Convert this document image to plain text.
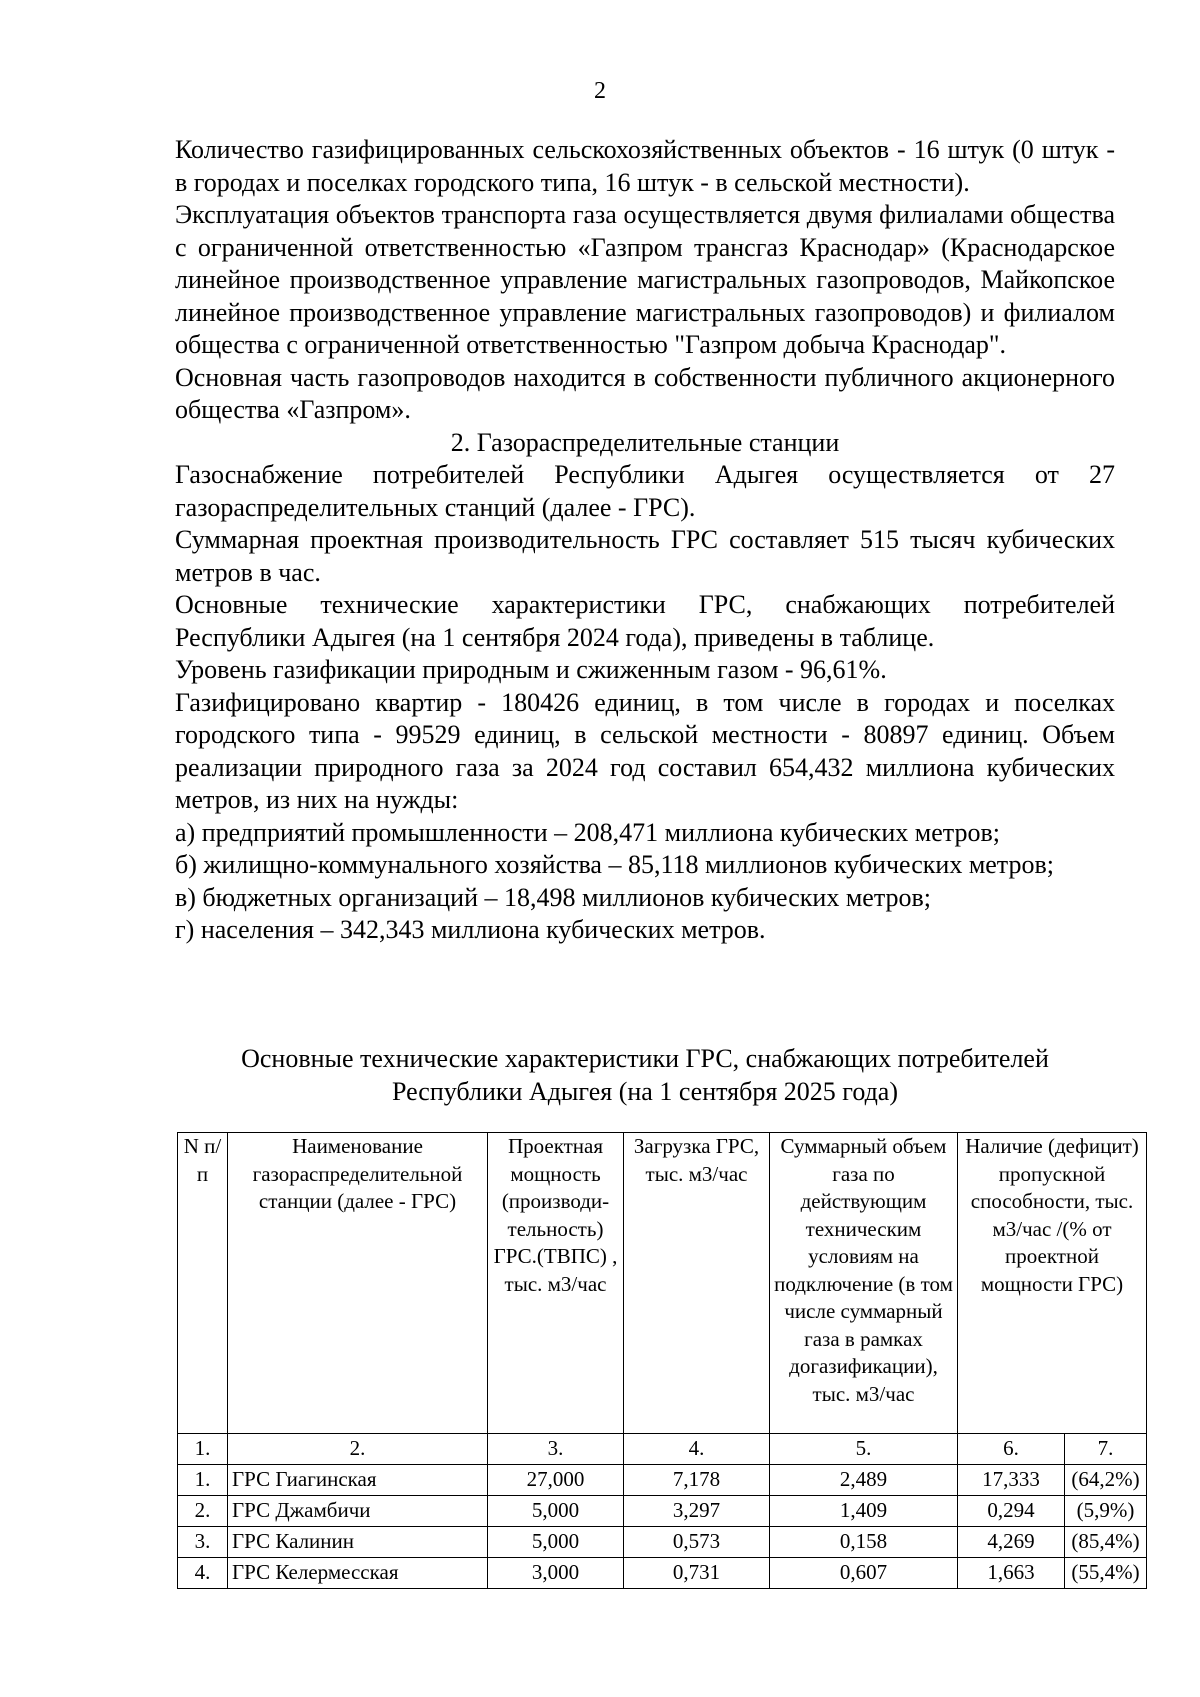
2

Количество газифицированных сельскохозяйственных объектов - 16 штук (0 штук - в городах и поселках городского типа, 16 штук - в сельской местности).

Эксплуатация объектов транспорта газа осуществляется двумя филиалами общества с ограниченной ответственностью «Газпром трансгаз Краснодар» (Краснодарское линейное производственное управление магистральных газопроводов, Майкопское линейное производственное управление магистральных газопроводов) и филиалом общества с ограниченной ответственностью "Газпром добыча Краснодар".

Основная часть газопроводов находится в собственности публичного акционерного общества «Газпром».

2. Газораспределительные станции

Газоснабжение потребителей Республики Адыгея осуществляется от 27 газораспределительных станций (далее - ГРС).

Суммарная проектная производительность ГРС составляет 515 тысяч кубических метров в час.

Основные технические характеристики ГРС, снабжающих потребителей Республики Адыгея (на 1 сентября 2024 года), приведены в таблице.

Уровень газификации природным и сжиженным газом - 96,61%.

Газифицировано квартир - 180426 единиц, в том числе в городах и поселках городского типа - 99529 единиц, в сельской местности - 80897 единиц. Объем реализации природного газа за 2024 год составил 654,432 миллиона кубических метров, из них на нужды:

а) предприятий промышленности – 208,471 миллиона кубических метров;

б) жилищно-коммунального хозяйства – 85,118 миллионов кубических метров;

в) бюджетных организаций – 18,498 миллионов кубических метров;

г) населения – 342,343 миллиона кубических метров.

Основные технические характеристики ГРС, снабжающих потребителей
Республики Адыгея (на 1 сентября 2025 года)
N п/п	Наименование газораспределительной станции (далее - ГРС)	Проектная мощность (производи-тельность) ГРС.(ТВПС) , тыс. м3/час	Загрузка ГРС, тыс. м3/час	Суммарный объем газа по действующим техническим условиям на подключение (в том числе суммарный газа в рамках догазификации), тыс. м3/час	Наличие (дефицит) пропускной способности, тыс. м3/час /(% от проектной мощности ГРС)	
1.	2.	3.	4.	5.	6.	7.
1.	ГРС Гиагинская	27,000	7,178	2,489	17,333	(64,2%)
2.	ГРС Джамбичи	5,000	3,297	1,409	0,294	(5,9%)
3.	ГРС Калинин	5,000	0,573	0,158	4,269	(85,4%)
4.	ГРС Келермесская	3,000	0,731	0,607	1,663	(55,4%)
